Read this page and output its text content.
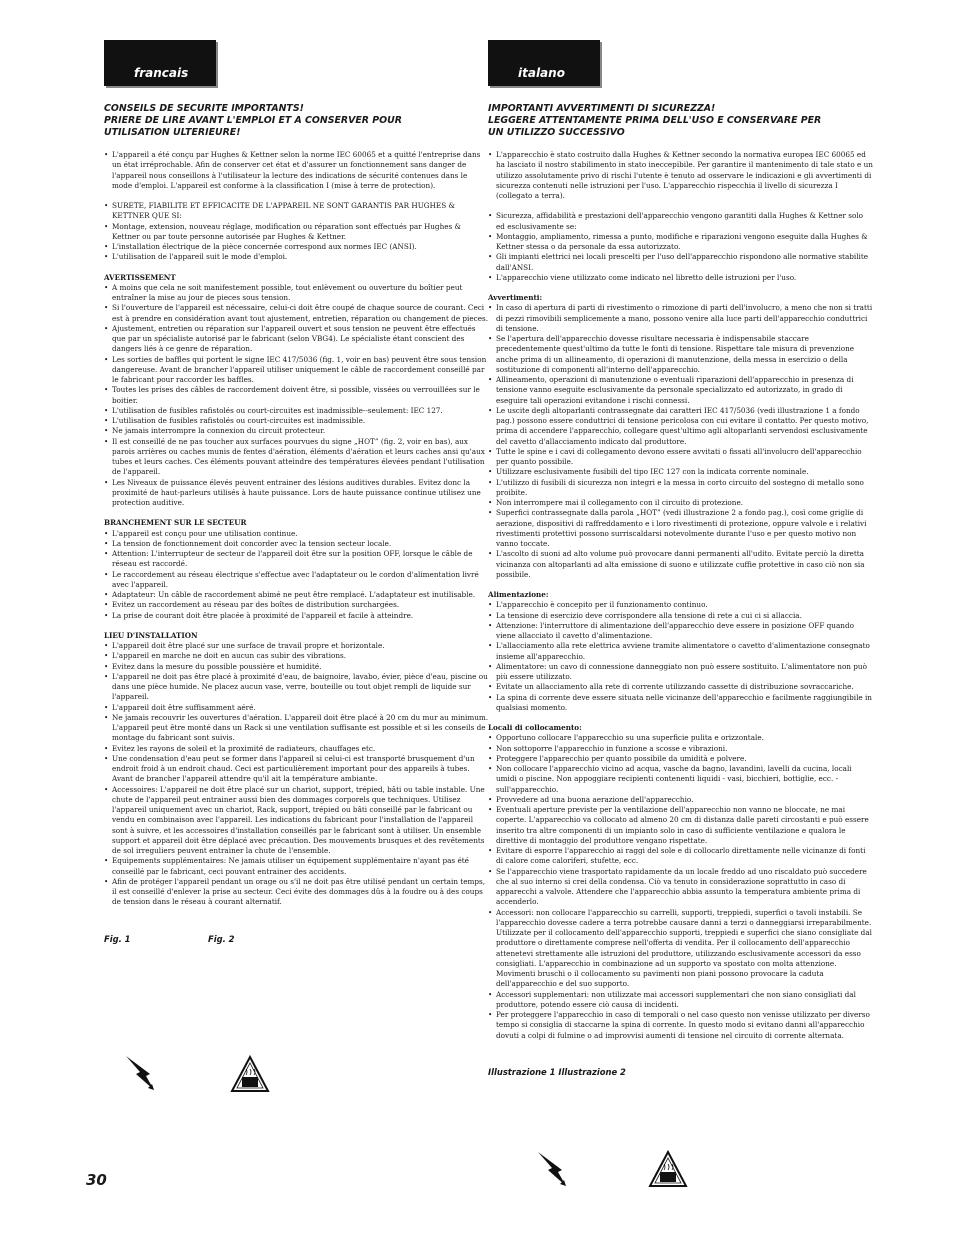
francais
CONSEILS DE SECURITE IMPORTANTS!
PRIERE DE LIRE AVANT L'EMPLOI ET A CONSERVER POUR
UTILISATION ULTERIEURE!
• L'appareil a été conçu par Hughes & Kettner selon la norme IEC 60065 et a quitté l'entreprise dans un état irréprochable. Afin de conserver cet état et d'assurer un fonctionnement sans danger de l'appareil nous conseillons à l'utilisateur la lecture des indications de sécurité contenues dans le mode d'emploi. L'appareil est conforme à la classification I (mise à terre de protection).
• SURETE, FIABILITE ET EFFICACITE DE L'APPAREIL NE SONT GARANTIS PAR HUGHES & KETTNER QUE SI:
• Montage, extension, nouveau réglage, modification ou réparation sont effectués par Hughes & Kettner ou par toute personne autorisée par Hughes & Kettner.
• L'installation électrique de la pièce concernée correspond aux normes IEC (ANSI).
• L'utilisation de l'appareil suit le mode d'emploi.
AVERTISSEMENT
• A moins que cela ne soit manifestement possible, tout enlèvement ou ouverture du boîtier peut entraîner la mise au jour de pieces sous tension.
• Si l'ouverture de l'appareil est nécessaire, celui-ci doit être coupé de chaque source de courant. Ceci est à prendre en considération avant tout ajustement, entretien, réparation ou changement de pieces.
• Ajustement, entretien ou réparation sur l'appareil ouvert et sous tension ne peuvent être effectués que par un spécialiste autorisé par le fabricant (selon VBG4). Le spécialiste étant conscient des dangers liés à ce genre de réparation.
• Les sorties de baffles qui portent le signe IEC 417/5036 (fig. 1, voir en bas) peuvent être sous tension dangereuse. Avant de brancher l'appareil utiliser uniquement le câble de raccordement conseillé par le fabricant pour raccorder les baffles.
• Toutes les prises des câbles de raccordement doivent être, si possible, vissées ou verrouillées sur le boitier.
• L'utilisation de fusibles rafistolés ou court-circuites est inadmissible--seulement: IEC 127.
• L'utilisation de fusibles rafistolés ou court-circuites est inadmissible.
• Ne jamais interrompre la connexion du circuit protecteur.
• Il est conseillé de ne pas toucher aux surfaces pourvues du signe „HOT” (fig. 2, voir en bas), aux parois arrières ou caches munis de fentes d'aération, éléments d'aération et leurs caches ansi qu'aux tubes et leurs caches. Ces éléments pouvant atteindre des températures élevées pendant l'utilisation de l'appareil.
• Les Niveaux de puissance élevés peuvent entrainer des lésions auditives durables. Evitez donc la proximité de haut-parleurs utilisés à haute puissance. Lors de haute puissance continue utilisez une protection auditive.
BRANCHEMENT SUR LE SECTEUR
• L'appareil est conçu pour une utilisation continue.
• La tension de fonctionnement doit concorder avec la tension secteur locale.
• Attention: L'interrupteur de secteur de l'appareil doit être sur la position OFF, lorsque le câble de réseau est raccordé.
• Le raccordement au réseau électrique s'effectue avec l'adaptateur ou le cordon d'alimentation livré avec l'appareil.
• Adaptateur: Un câble de raccordement abimé ne peut être remplacé. L'adaptateur est inutilisable.
• Evitez un raccordement au réseau par des boîtes de distribution surchargées.
• La prise de courant doit être placée à proximité de l'appareil et facile à atteindre.
LIEU D'INSTALLATION
• L'appareil doit être placé sur une surface de travail propre et horizontale.
• L'appareil en marche ne doit en aucun cas subir des vibrations.
• Evitez dans la mesure du possible poussière et humidité.
• L'appareil ne doit pas être placé à proximité d'eau, de baignoire, lavabo, évier, pièce d'eau, piscine ou dans une pièce humide. Ne placez aucun vase, verre, bouteille ou tout objet rempli de liquide sur l'appareil.
• L'appareil doit être suffisamment aéré.
• Ne jamais recouvrir les ouvertures d'aération. L'appareil doit être placé à 20 cm du mur au minimum. L'appareil peut être monté dans un Rack si une ventilation suffisante est possible et si les conseils de montage du fabricant sont suivis.
• Evitez les rayons de soleil et la proximité de radiateurs, chauffages etc.
• Une condensation d'eau peut se former dans l'appareil si celui-ci est transporté brusquement d'un endroit froid à un endroit chaud. Ceci est particulièrement important pour des appareils à tubes. Avant de brancher l'appareil attendre qu'il ait la température ambiante.
• Accessoires: L'appareil ne doit être placé sur un chariot, support, trépied, bâti ou table instable. Une chute de l'appareil peut entrainer aussi bien des dommages corporels que techniques. Utilisez l'appareil uniquement avec un chariot, Rack, support, trépied ou bâti conseillé par le fabricant ou vendu en combinaison avec l'appareil. Les indications du fabricant pour l'installation de l'appareil sont à suivre, et les accessoires d'installation conseillés par le fabricant sont à utiliser. Un ensemble support et appareil doit être déplacé avec précaution. Des mouvements brusques et des revêtements de sol irreguliers peuvent entrainer la chute de l'ensemble.
• Equipements supplémentaires: Ne jamais utiliser un équipement supplémentaire n'ayant pas été conseillé par le fabricant, ceci pouvant entrainer des accidents.
• Afin de protéger l'appareil pendant un orage ou s'il ne doit pas être utilisé pendant un certain temps, il est conseillé d'enlever la prise au secteur. Ceci évite des dommages dûs à la foudre ou à des coups de tension dans le réseau à courant alternatif.
Fig. 1	Fig. 2
italano
IMPORTANTI AVVERTIMENTI DI SICUREZZA!
LEGGERE ATTENTAMENTE PRIMA DELL'USO E CONSERVARE PER
UN UTILIZZO SUCCESSIVO
• L'apparecchio è stato costruito dalla Hughes & Kettner secondo la normativa europea IEC 60065 ed ha lasciato il nostro stabilimento in stato ineccepibile. Per garantire il mantenimento di tale stato e un utilizzo assolutamente privo di rischi l'utente è tenuto ad osservare le indicazioni e gli avvertimenti di sicurezza contenuti nelle istruzioni per l'uso. L'apparecchio rispecchia il livello di sicurezza I (collegato a terra).
• Sicurezza, affidabilità e prestazioni dell'apparecchio vengono garantiti dalla Hughes & Kettner solo ed esclusivamente se:
• Montaggio, ampliamento, rimessa a punto, modifiche e riparazioni vengono eseguite dalla Hughes & Kettner stessa o da personale da essa autorizzato.
• Gli impianti elettrici nei locali prescelti per l'uso dell'apparecchio rispondono alle normative stabilite dall'ANSI.
• L'apparecchio viene utilizzato come indicato nel libretto delle istruzioni per l'uso.
Avvertimenti:
• In caso di apertura di parti di rivestimento o rimozione di parti dell'involucro, a meno che non si tratti di pezzi rimovibili semplicemente a mano, possono venire alla luce parti dell'apparecchio conduttrici di tensione.
• Se l'apertura dell'apparecchio dovesse risultare necessaria è indispensabile staccare precedentemente quest'ultimo da tutte le fonti di tensione. Rispettare tale misura di prevenzione anche prima di un allineamento, di operazioni di manutenzione, della messa in esercizio o della sostituzione di componenti all'interno dell'apparecchio.
• Allineamento, operazioni di manutenzione o eventuali riparazioni dell'apparecchio in presenza di tensione vanno eseguite esclusivamente da personale specializzato ed autorizzato, in grado di eseguire tali operazioni evitandone i rischi connessi.
• Le uscite degli altoparlanti contrassegnate dai caratteri IEC 417/5036 (vedi illustrazione 1 a fondo pag.) possono essere conduttrici di tensione pericolosa con cui evitare il contatto. Per questo motivo, prima di accendere l'apparecchio, collegare quest'ultimo agli altoparlanti servendosi esclusivamente del cavetto d'allacciamento indicato dal produttore.
• Tutte le spine e i cavi di collegamento devono essere avvitati o fissati all'involucro dell'apparecchio per quanto possibile.
• Utilizzare esclusivamente fusibili del tipo IEC 127 con la indicata corrente nominale.
• L'utilizzo di fusibili di sicurezza non integri e la messa in corto circuito del sostegno di metallo sono proibite.
• Non interrompere mai il collegamento con il circuito di protezione.
• Superfici contrassegnate dalla parola „HOT” (vedi illustrazione 2 a fondo pag.), così come griglie di aerazione, dispositivi di raffreddamento e i loro rivestimenti di protezione, oppure valvole e i relativi rivestimenti protettivi possono surriscaldarsi notevolmente durante l'uso e per questo motivo non vanno toccate.
• L'ascolto di suoni ad alto volume può provocare danni permanenti all'udito. Evitate perciò la diretta vicinanza con altoparlanti ad alta emissione di suono e utilizzate cuffie protettive in caso ciò non sia possibile.
Alimentazione:
• L'apparecchio è concepito per il funzionamento continuo.
• La tensione di esercizio deve corrispondere alla tensione di rete a cui ci si allaccia.
• Attenzione: l'interruttore di alimentazione dell'apparecchio deve essere in posizione OFF quando viene allacciato il cavetto d'alimentazione.
• L'allacciamento alla rete elettrica avviene tramite alimentatore o cavetto d'alimentazione consegnato insieme all'apparecchio.
• Alimentatore: un cavo di connessione danneggiato non può essere sostituito. L'alimentatore non può più essere utilizzato.
• Evitate un allacciamento alla rete di corrente utilizzando cassette di distribuzione sovraccariche.
• La spina di corrente deve essere situata nelle vicinanze dell'apparecchio e facilmente raggiungibile in qualsiasi momento.
Locali di collocamento:
• Opportuno collocare l'apparecchio su una superficie pulita e orizzontale.
• Non sottoporre l'apparecchio in funzione a scosse e vibrazioni.
• Proteggere l'apparecchio per quanto possibile da umidità e polvere.
• Non collocare l'apparecchio vicino ad acqua, vasche da bagno, lavandini, lavelli da cucina, locali umidi o piscine. Non appoggiare recipienti contenenti liquidi - vasi, bicchieri, bottiglie, ecc. - sull'apparecchio.
• Provvedere ad una buona aerazione dell'apparecchio.
• Eventuali aperture previste per la ventilazione dell'apparecchio non vanno ne bloccate, ne mai coperte. L'apparecchio va collocato ad almeno 20 cm di distanza dalle pareti circostanti e può essere inserito tra altre componenti di un impianto solo in caso di sufficiente ventilazione e qualora le direttive di montaggio del produttore vengano rispettate.
• Evitare di esporre l'apparecchio ai raggi del sole e di collocarlo direttamente nelle vicinanze di fonti di calore come caloriferi, stufette, ecc.
• Se l'apparecchio viene trasportato rapidamente da un locale freddo ad uno riscaldato può succedere che al suo interno si crei della condensa. Ciò va tenuto in considerazione soprattutto in caso di apparecchi a valvole. Attendere che l'apparecchio abbia assunto la temperatura ambiente prima di accenderlo.
• Accessori: non collocare l'apparecchio su carrelli, supporti, treppiedi, superfici o tavoli instabili. Se l'apparecchio dovesse cadere a terra potrebbe causare danni a terzi o danneggiarsi irreparabilmente. Utilizzate per il collocamento dell'apparecchio supporti, treppiedi e superfici che siano consigliate dal produttore o direttamente comprese nell'offerta di vendita. Per il collocamento dell'apparecchio attenetevi strettamente alle istruzioni del produttore, utilizzando esclusivamente accessori da esso consigliati. L'apparecchio in combinazione ad un supporto va spostato con molta attenzione. Movimenti bruschi o il collocamento su pavimenti non piani possono provocare la caduta dell'apparecchio e del suo supporto.
• Accessori supplementari: non utilizzate mai accessori supplementari che non siano consigliati dal produttore, potendo essere ciò causa di incidenti.
• Per proteggere l'apparecchio in caso di temporali o nel caso questo non venisse utilizzato per diverso tempo si consiglia di staccarne la spina di corrente. In questo modo si evitano danni all'apparecchio dovuti a colpi di fulmine o ad improvvisi aumenti di tensione nel circuito di corrente alternata.
Illustrazione 1 Illustrazione 2
30
